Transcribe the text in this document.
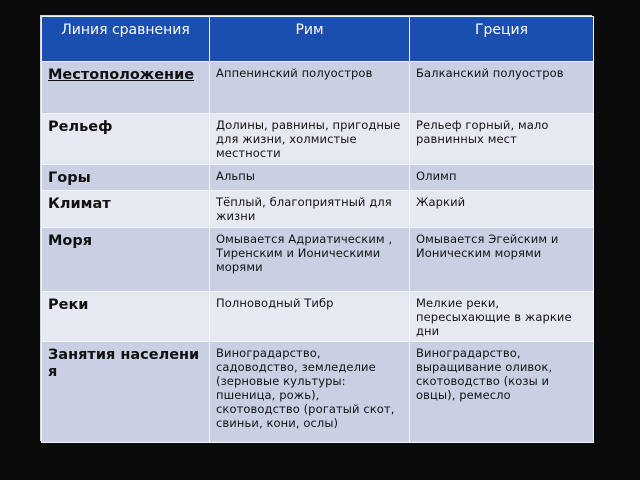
Линия сравнения	Рим	Греция

Местоположение	Аппенинский полуостров	Балканский полуостров
Рельеф	Долины, равнины, пригодные для жизни, холмистые местности	Рельеф горный, мало равнинных мест
Горы	Альпы	Олимп
Климат	Тёплый, благоприятный для жизни	Жаркий
Моря	Омывается Адриатическим , Тиренским и Ионическими морями	Омывается Эгейским и Ионическим морями
Реки	Полноводный Тибр	Мелкие реки, пересыхающие в жаркие дни
Занятия населения	Виноградарство, садоводство, земледелие (зерновые культуры: пшеница, рожь), скотоводство (рогатый скот, свиньи, кони, ослы)	Виноградарство, выращивание оливок, скотоводство (козы и овцы), ремесло
